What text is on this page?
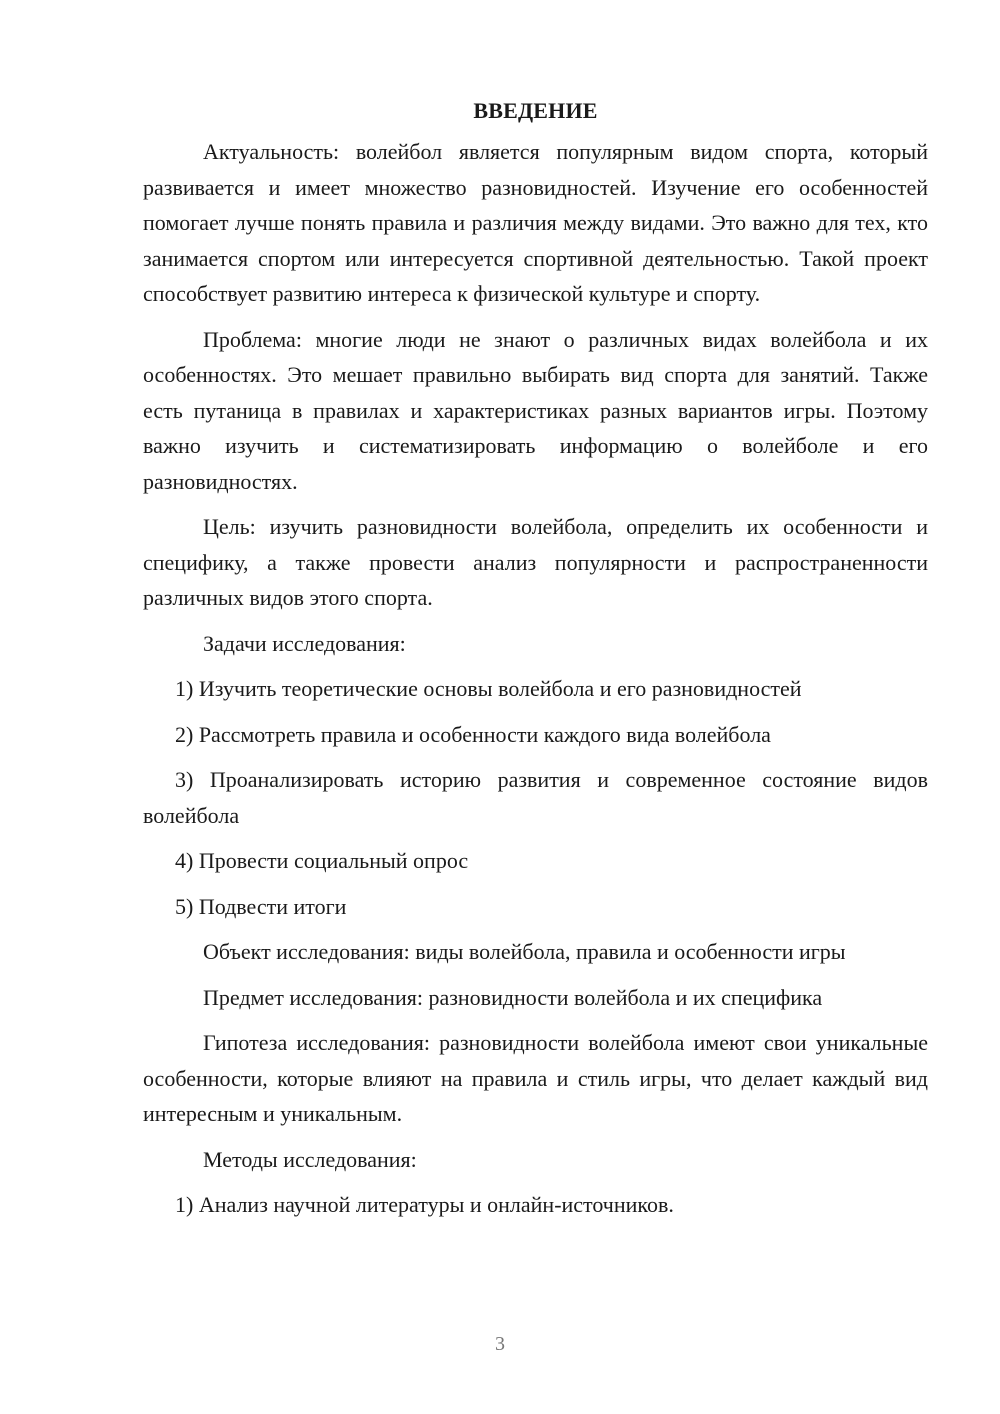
ВВЕДЕНИЕ

Актуальность: волейбол является популярным видом спорта, который развивается и имеет множество разновидностей. Изучение его особенностей помогает лучше понять правила и различия между видами. Это важно для тех, кто занимается спортом или интересуется спортивной деятельностью. Такой проект способствует развитию интереса к физической культуре и спорту.

Проблема: многие люди не знают о различных видах волейбола и их особенностях. Это мешает правильно выбирать вид спорта для занятий. Также есть путаница в правилах и характеристиках разных вариантов игры. Поэтому важно изучить и систематизировать информацию о волейболе и его разновидностях.

Цель: изучить разновидности волейбола, определить их особенности и специфику, а также провести анализ популярности и распространенности различных видов этого спорта.

Задачи исследования:

1) Изучить теоретические основы волейбола и его разновидностей

2) Рассмотреть правила и особенности каждого вида волейбола

3) Проанализировать историю развития и современное состояние видов волейбола

4) Провести социальный опрос

5) Подвести итоги

Объект исследования: виды волейбола, правила и особенности игры

Предмет исследования: разновидности волейбола и их специфика

Гипотеза исследования: разновидности волейбола имеют свои уникальные особенности, которые влияют на правила и стиль игры, что делает каждый вид интересным и уникальным.

Методы исследования:

1) Анализ научной литературы и онлайн-источников.

3
